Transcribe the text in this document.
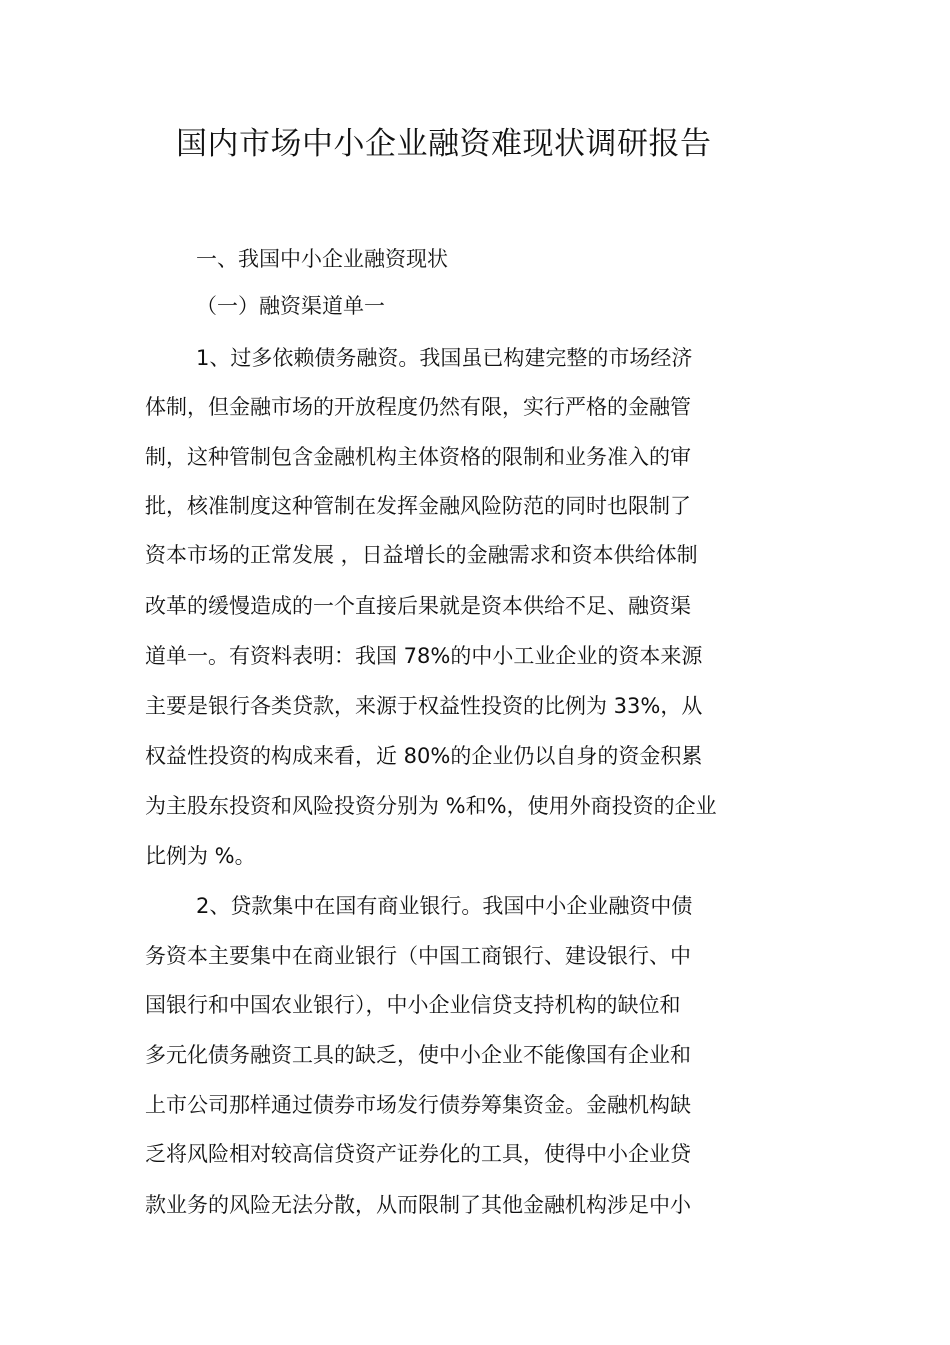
国内市场中小企业融资难现状调研报告
一、我国中小企业融资现状
（一）融资渠道单一
1、过多依赖债务融资。我国虽已构建完整的市场经济
体制，但金融市场的开放程度仍然有限，实行严格的金融管
制，这种管制包含金融机构主体资格的限制和业务准入的审
批，核准制度这种管制在发挥金融风险防范的同时也限制了
资本市场的正常发展 ，日益增长的金融需求和资本供给体制
改革的缓慢造成的一个直接后果就是资本供给不足、融资渠
道单一。有资料表明：我国 78%的中小工业企业的资本来源
主要是银行各类贷款，来源于权益性投资的比例为 33%，从
权益性投资的构成来看，近 80%的企业仍以自身的资金积累
为主股东投资和风险投资分别为 %和%，使用外商投资的企业
比例为 %。
2、贷款集中在国有商业银行。我国中小企业融资中债
务资本主要集中在商业银行（中国工商银行、建设银行、中
国银行和中国农业银行），中小企业信贷支持机构的缺位和
多元化债务融资工具的缺乏，使中小企业不能像国有企业和
上市公司那样通过债券市场发行债券筹集资金。金融机构缺
乏将风险相对较高信贷资产证券化的工具，使得中小企业贷
款业务的风险无法分散，从而限制了其他金融机构涉足中小
